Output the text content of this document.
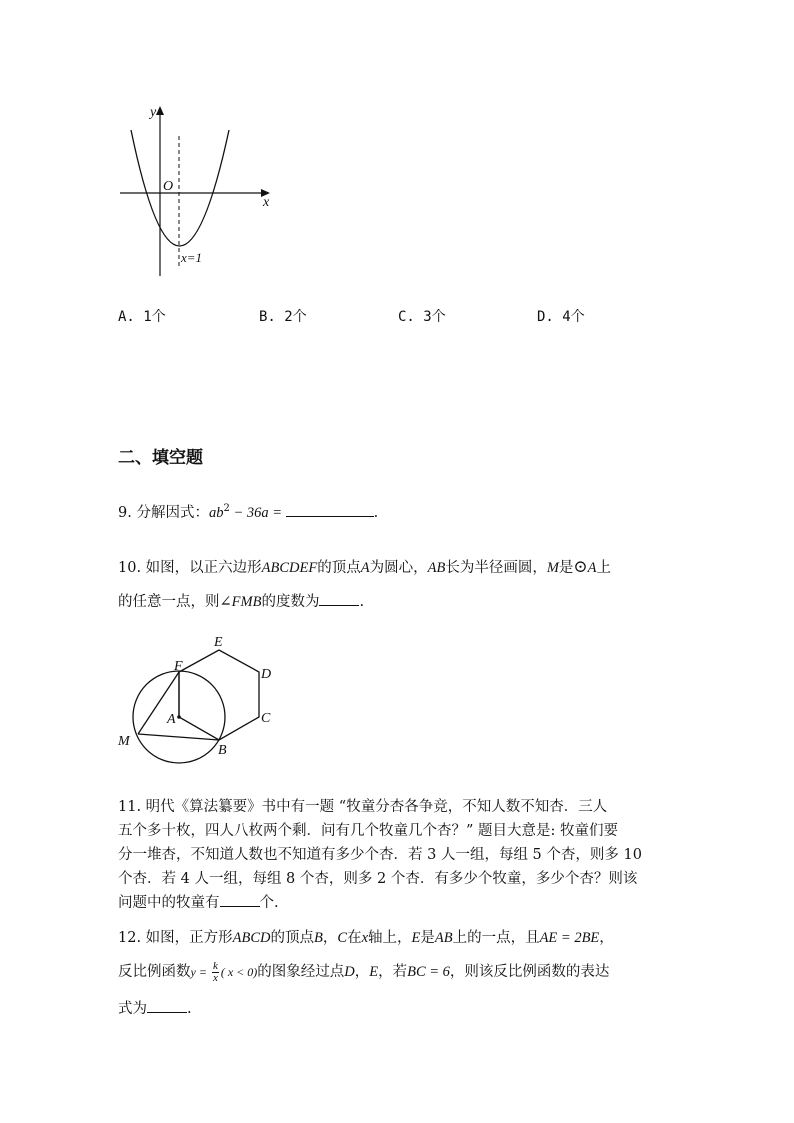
y
x
O
x=1
A. 1个	B. 2个	C. 3个	D. 4个
二、填空题
9. 分解因式：$ab^2 - 36a$ =	.
10. 如图，以正六边形ABCDEF的顶点A为圆心，AB长为半径画圆，M是⊙A上
的任意一点，则∠FMB的度数为	.
E
D
C
B
A
F
M
11. 明代《算法纂要》书中有一题 “牧童分杏各争竞，不知人数不知杏．三人
五个多十枚，四人八枚两个剩．问有几个牧童几个杏？” 题目大意是: 牧童们要
分一堆杏，不知道人数也不知道有多少个杏．若 3 人一组，每组 5 个杏，则多 10
个杏．若 4 人一组，每组 8 个杏，则多 2 个杏．有多少个牧童，多少个杏？则该
问题中的牧童有	个.
12. 如图，正方形ABCD的顶点B，C在x轴上，E是AB上的一点，且AE = 2BE，
反比例函数$y = \frac{k}{x}$ ( x < 0)的图象经过点D，E，若BC = 6，则该反比例函数的表达
式为	.
